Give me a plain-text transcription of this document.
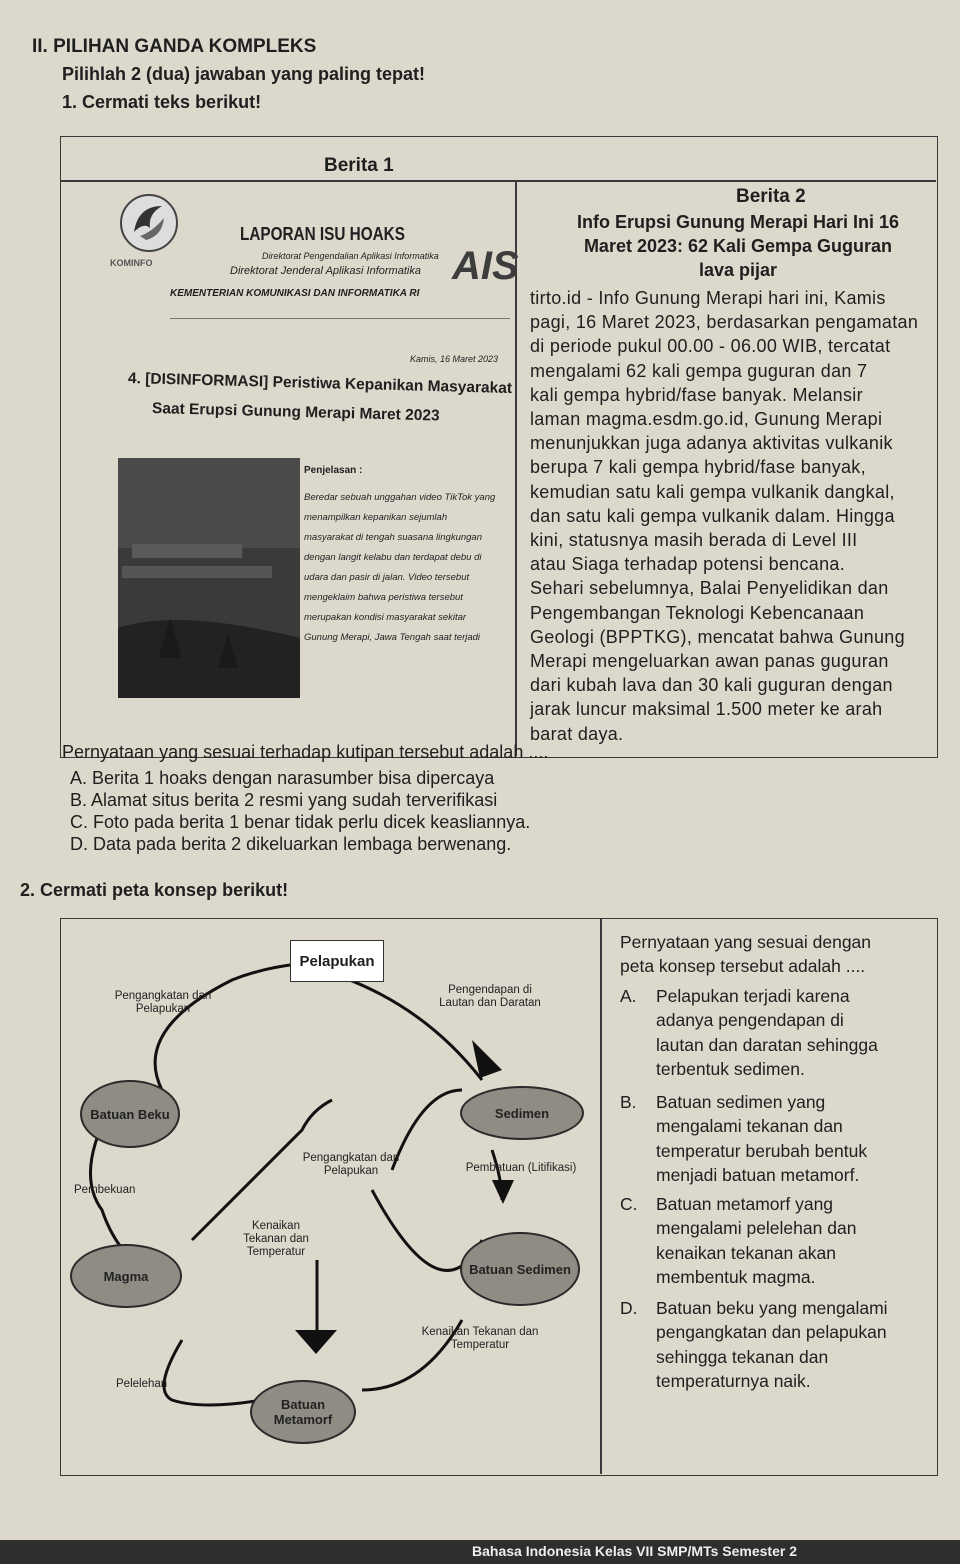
II. PILIHAN GANDA KOMPLEKS
Pilihlah 2 (dua) jawaban yang paling tepat!
1. Cermati teks berikut!
Berita 1
KOMINFO
LAPORAN ISU HOAKS
Direktorat Pengendalian Aplikasi Informatika
Direktorat Jenderal Aplikasi Informatika
KEMENTERIAN KOMUNIKASI DAN INFORMATIKA RI
AIS
Kamis, 16 Maret 2023
4. [DISINFORMASI] Peristiwa Kepanikan Masyarakat
Saat Erupsi Gunung Merapi Maret 2023
Penjelasan :
Beredar sebuah unggahan video TikTok yang
menampilkan kepanikan sejumlah
masyarakat di tengah suasana lingkungan
dengan langit kelabu dan terdapat debu di
udara dan pasir di jalan. Video tersebut
mengeklaim bahwa peristiwa tersebut
merupakan kondisi masyarakat sekitar
Gunung Merapi, Jawa Tengah saat terjadi
Berita 2
Info Erupsi Gunung Merapi Hari Ini 16
Maret 2023: 62 Kali Gempa Guguran
lava pijar
tirto.id - Info Gunung Merapi hari ini, Kamis
pagi, 16 Maret 2023, berdasarkan pengamatan
di periode pukul 00.00 - 06.00 WIB, tercatat
mengalami 62 kali gempa guguran dan 7
kali gempa hybrid/fase banyak. Melansir
laman magma.esdm.go.id, Gunung Merapi
menunjukkan juga adanya aktivitas vulkanik
berupa 7 kali gempa hybrid/fase banyak,
kemudian satu kali gempa vulkanik dangkal,
dan satu kali gempa vulkanik dalam. Hingga
kini, statusnya masih berada di Level III
atau Siaga terhadap potensi bencana.
Sehari sebelumnya, Balai Penyelidikan dan
Pengembangan Teknologi Kebencanaan
Geologi (BPPTKG), mencatat bahwa Gunung
Merapi mengeluarkan awan panas guguran
dari kubah lava dan 30 kali guguran dengan
jarak luncur maksimal 1.500 meter ke arah
barat daya.
Pernyataan yang sesuai terhadap kutipan tersebut adalah ....
A. Berita 1 hoaks dengan narasumber bisa dipercaya
B. Alamat situs berita 2 resmi yang sudah terverifikasi
C. Foto pada berita 1 benar tidak perlu dicek keasliannya.
D. Data pada berita 2 dikeluarkan lembaga berwenang.
2. Cermati peta konsep berikut!
Pelapukan
Batuan Beku	Sedimen
Magma	Batuan Sedimen
Batuan Metamorf
Pengangkatan dan Pelapukan
Pengendapan di Lautan dan Daratan
Pengangkatan dan Pelapukan	Pembatuan (Litifikasi)
Pembekuan
Kenaikan Tekanan dan Temperatur
Kenaikan Tekanan dan Temperatur
Pelelehan
Pernyataan yang sesuai dengan
peta konsep tersebut adalah ....
A.	Pelapukan terjadi karena
adanya pengendapan di
lautan dan daratan sehingga
terbentuk sedimen.
B.	Batuan sedimen yang
mengalami tekanan dan
temperatur berubah bentuk
menjadi batuan metamorf.
C.	Batuan metamorf yang
mengalami pelelehan dan
kenaikan tekanan akan
membentuk magma.
D.	Batuan beku yang mengalami
pengangkatan dan pelapukan
sehingga tekanan dan
temperaturnya naik.
Bahasa Indonesia Kelas VII SMP/MTs Semester 2
